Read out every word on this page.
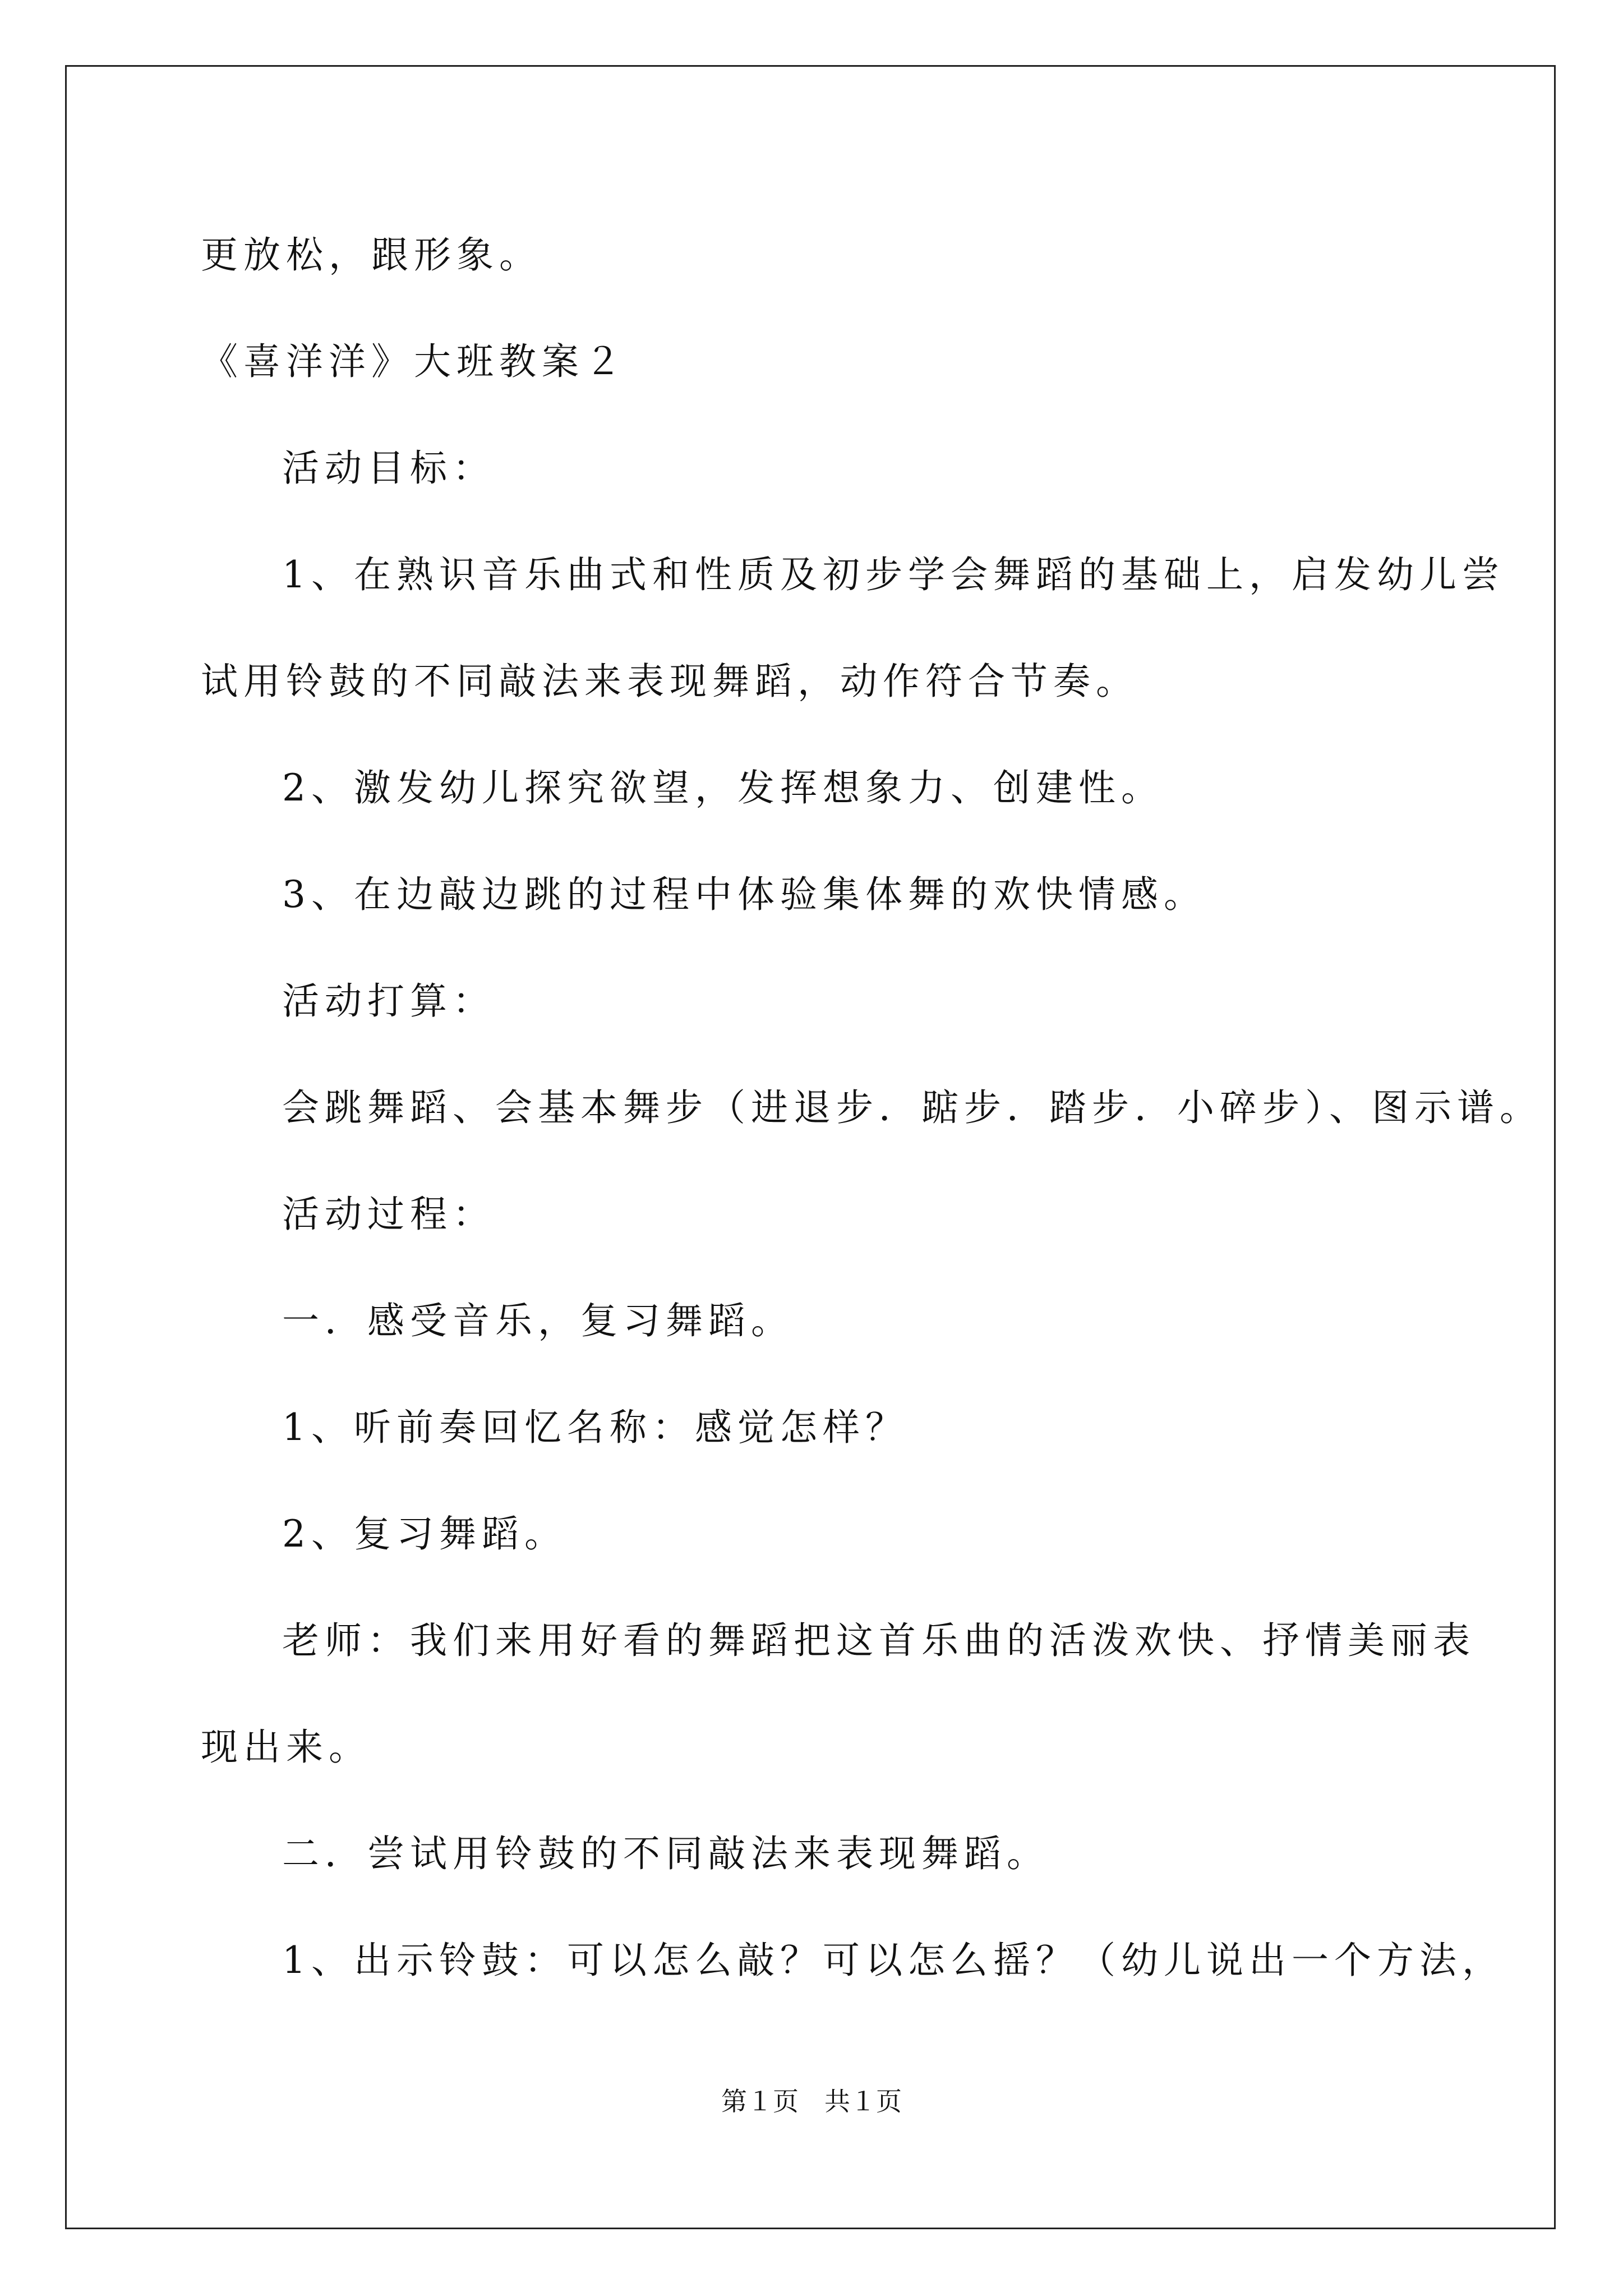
更放松，跟形象。
《喜洋洋》大班教案２
活动目标：
1、在熟识音乐曲式和性质及初步学会舞蹈的基础上，启发幼儿尝
试用铃鼓的不同敲法来表现舞蹈，动作符合节奏。
2、激发幼儿探究欲望，发挥想象力、创建性。
3、在边敲边跳的过程中体验集体舞的欢快情感。
活动打算：
会跳舞蹈、会基本舞步（进退步．踮步．踏步．小碎步）、图示谱。
活动过程：
一．感受音乐，复习舞蹈。
1、听前奏回忆名称：感觉怎样？
2、复习舞蹈。
老师：我们来用好看的舞蹈把这首乐曲的活泼欢快、抒情美丽表
现出来。
二．尝试用铃鼓的不同敲法来表现舞蹈。
1、出示铃鼓：可以怎么敲？可以怎么摇？（幼儿说出一个方法，
第１页　共１页
